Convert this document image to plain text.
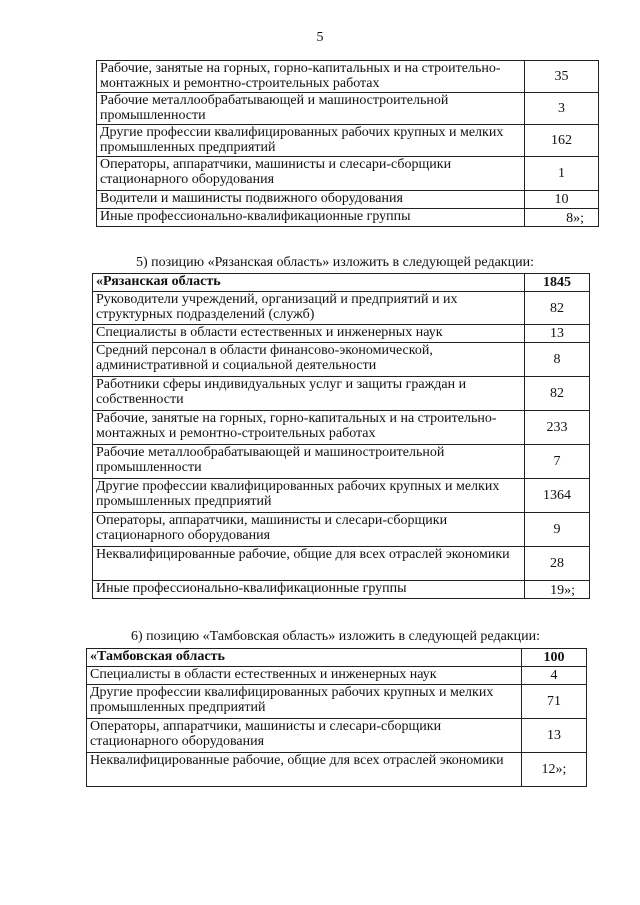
5
Рабочие, занятые на горных, горно-капитальных и на строительно-монтажных и ремонтно-строительных работах	35
Рабочие металлообрабатывающей и машиностроительной промышленности	3
Другие профессии квалифицированных рабочих крупных и мелких промышленных предприятий	162
Операторы, аппаратчики, машинисты и слесари-сборщики стационарного оборудования	1
Водители и машинисты подвижного оборудования	10
Иные профессионально-квалификационные группы	8»;
5) позицию «Рязанская область» изложить в следующей редакции:
«Рязанская область	1845
Руководители учреждений, организаций и предприятий и их структурных подразделений (служб)	82
Специалисты в области естественных и инженерных наук	13
Средний персонал в области финансово-экономической, административной и социальной деятельности	8
Работники сферы индивидуальных услуг и защиты граждан и собственности	82
Рабочие, занятые на горных, горно-капитальных и на строительно-монтажных и ремонтно-строительных работах	233
Рабочие металлообрабатывающей и машиностроительной промышленности	7
Другие профессии квалифицированных рабочих крупных и мелких промышленных предприятий	1364
Операторы, аппаратчики, машинисты и слесари-сборщики стационарного оборудования	9
Неквалифицированные рабочие, общие для всех отраслей экономики	28
Иные профессионально-квалификационные группы	19»;
6) позицию «Тамбовская область» изложить в следующей редакции:
«Тамбовская область	100
Специалисты в области естественных и инженерных наук	4
Другие профессии квалифицированных рабочих крупных и мелких промышленных предприятий	71
Операторы, аппаратчики, машинисты и слесари-сборщики стационарного оборудования	13
Неквалифицированные рабочие, общие для всех отраслей экономики	12»;
